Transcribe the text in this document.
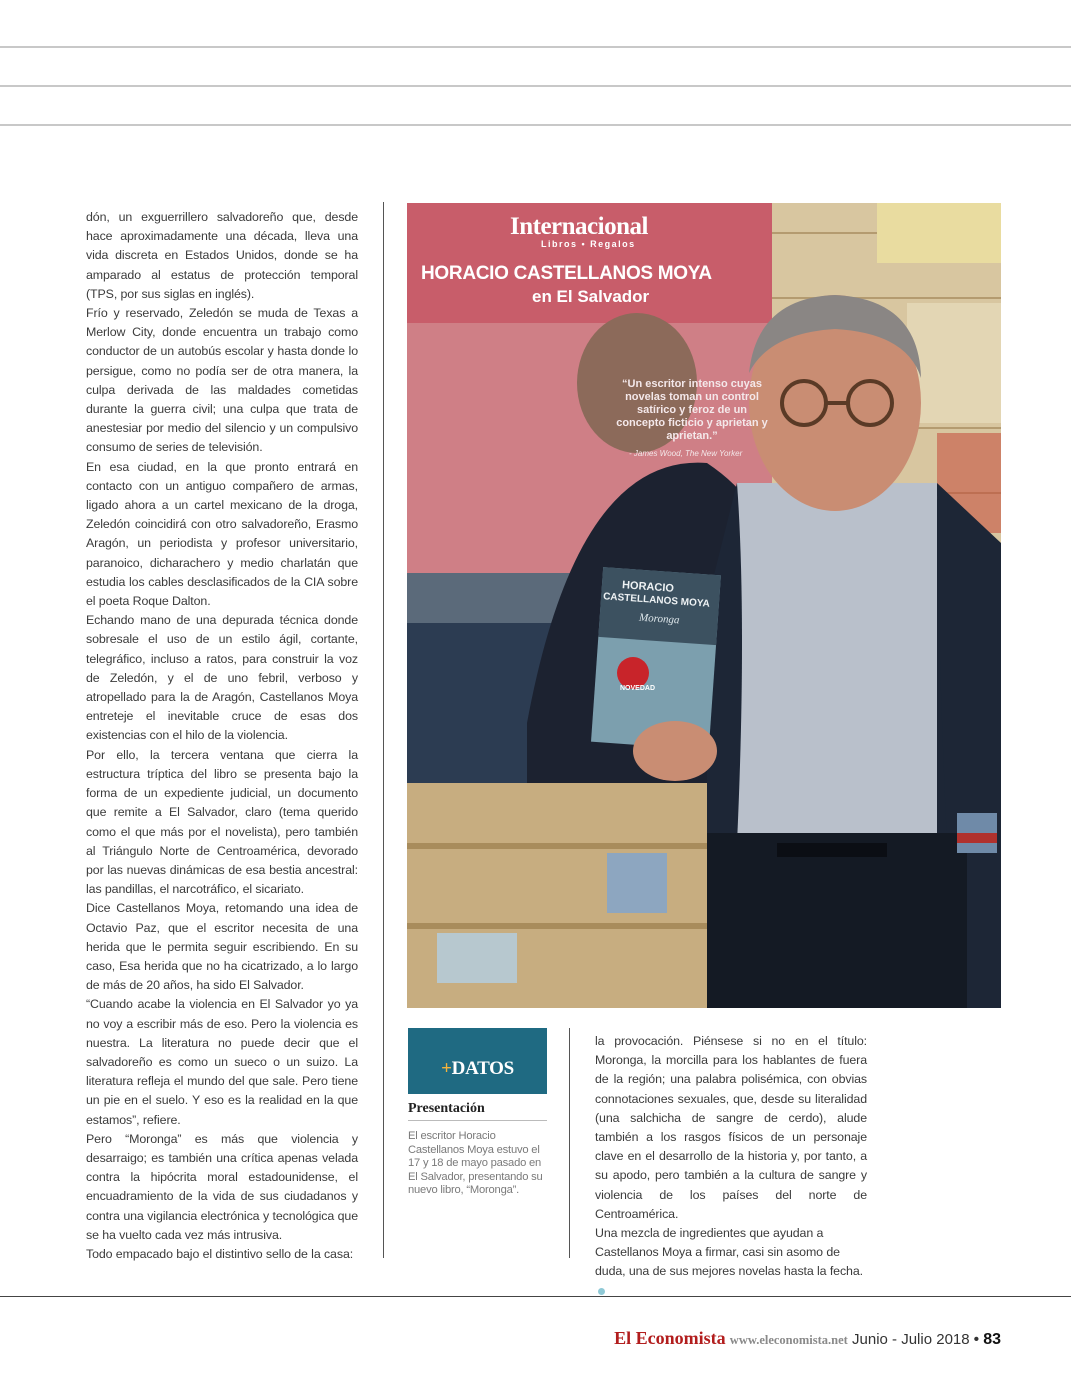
dón, un exguerrillero salvadoreño que, desde hace aproximadamente una década, lleva una vida discreta en Estados Unidos, donde se ha amparado al estatus de protección temporal (TPS, por sus siglas en inglés).

Frío y reservado, Zeledón se muda de Texas a Merlow City, donde encuentra un trabajo como conductor de un autobús escolar y hasta donde lo persigue, como no podía ser de otra manera, la culpa derivada de las maldades cometidas durante la guerra civil; una culpa que trata de anestesiar por medio del silencio y un compulsivo consumo de series de televisión.

En esa ciudad, en la que pronto entrará en contacto con un antiguo compañero de armas, ligado ahora a un cartel mexicano de la droga, Zeledón coincidirá con otro salvadoreño, Erasmo Aragón, un periodista y profesor universitario, paranoico, dicharachero y medio charlatán que estudia los cables desclasificados de la CIA sobre el poeta Roque Dalton.

Echando mano de una depurada técnica donde sobresale el uso de un estilo ágil, cortante, telegráfico, incluso a ratos, para construir la voz de Zeledón, y el de uno febril, verboso y atropellado para la de Aragón, Castellanos Moya entreteje el inevitable cruce de esas dos existencias con el hilo de la violencia.

Por ello, la tercera ventana que cierra la estructura tríptica del libro se presenta bajo la forma de un expediente judicial, un documento que remite a El Salvador, claro (tema querido como el que más por el novelista), pero también al Triángulo Norte de Centroamérica, devorado por las nuevas dinámicas de esa bestia ancestral: las pandillas, el narcotráfico, el sicariato.

Dice Castellanos Moya, retomando una idea de Octavio Paz, que el escritor necesita de una herida que le permita seguir escribiendo. En su caso, Esa herida que no ha cicatrizado, a lo largo de más de 20 años, ha sido El Salvador.

“Cuando acabe la violencia en El Salvador yo ya no voy a escribir más de eso. Pero la violencia es nuestra. La literatura no puede decir que el salvadoreño es como un sueco o un suizo. La literatura refleja el mundo del que sale. Pero tiene un pie en el suelo. Y eso es la realidad en la que estamos”, refiere.

Pero “Moronga” es más que violencia y desarraigo; es también una crítica apenas velada contra la hipócrita moral estadounidense, el encuadramiento de la vida de sus ciudadanos y contra una vigilancia electrónica y tecnológica que se ha vuelto cada vez más intrusiva.

Todo empacado bajo el distintivo sello de la casa:

Internacional
Libros • Regalos
HORACIO CASTELLANOS MOYA
en El Salvador
“Un escritor intenso cuyas novelas toman un control satírico y feroz de un concepto ficticio y aprietan y aprietan.”
- James Wood, The New Yorker
HORACIO
CASTELLANOS MOYA
Moronga
NOVEDAD
+DATOS
Presentación
El escritor Horacio Castellanos Moya estuvo el 17 y 18 de mayo pasado en El Salvador, presentando su nuevo libro, “Moronga”.

la provocación. Piénsese si no en el título: Moronga, la morcilla para los hablantes de fuera de la región; una palabra polisémica, con obvias connotaciones sexuales, que, desde su literalidad (una salchicha de sangre de cerdo), alude también a los rasgos físicos de un personaje clave en el desarrollo de la historia y, por tanto, a su apodo, pero también a la cultura de sangre y violencia de los países del norte de Centroamérica.

Una mezcla de ingredientes que ayudan a Castellanos Moya a firmar, casi sin asomo de duda, una de sus mejores novelas hasta la fecha.

El Economista www.eleconomista.net Junio - Julio 2018 • 83
